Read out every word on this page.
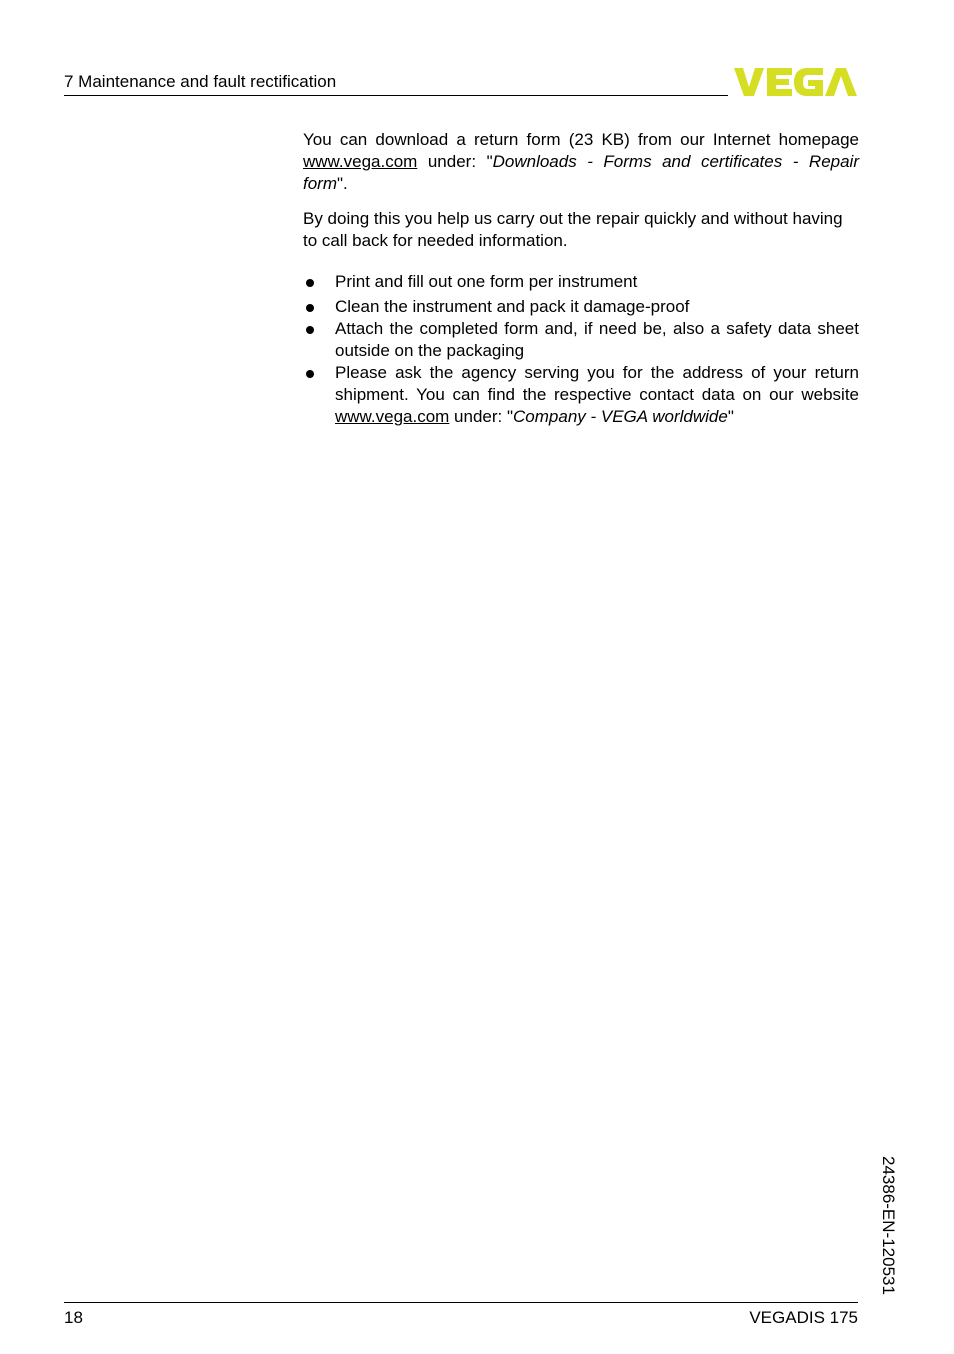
7 Maintenance and fault rectification

You can download a return form (23 KB) from our Internet homepage www.vega.com under: "Downloads - Forms and certificates - Repair form".

By doing this you help us carry out the repair quickly and without having to call back for needed information.

Print and fill out one form per instrument
Clean the instrument and pack it damage-proof
Attach the completed form and, if need be, also a safety data sheet outside on the packaging
Please ask the agency serving you for the address of your return shipment. You can find the respective contact data on our website www.vega.com under: "Company - VEGA worldwide"
24386-EN-120531
18	VEGADIS 175
